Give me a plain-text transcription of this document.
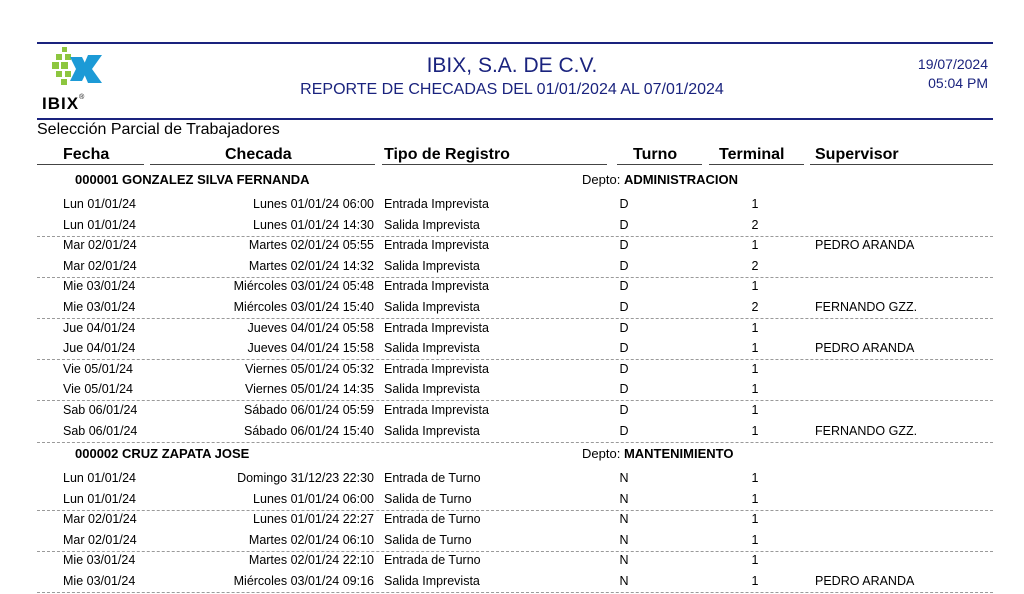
IBIX®
IBIX, S.A. DE C.V.
REPORTE DE CHECADAS DEL 01/01/2024 AL 07/01/2024
19/07/2024
05:04 PM
Selección Parcial de Trabajadores
Fecha	Checada	Tipo de Registro	Turno	Terminal Supervisor
000001 GONZALEZ SILVA FERNANDA	Depto: ADMINISTRACION
Lun 01/01/24	Lunes 01/01/24 06:00 Entrada Imprevista	D	1
Lun 01/01/24	Lunes 01/01/24 14:30 Salida Imprevista	D	2
Mar 02/01/24	Martes 02/01/24 05:55 Entrada Imprevista	D	1	PEDRO ARANDA
Mar 02/01/24	Martes 02/01/24 14:32 Salida Imprevista	D	2
Mie 03/01/24	Miércoles 03/01/24 05:48 Entrada Imprevista	D	1
Mie 03/01/24	Miércoles 03/01/24 15:40 Salida Imprevista	D	2	FERNANDO GZZ.
Jue 04/01/24	Jueves 04/01/24 05:58 Entrada Imprevista	D	1
Jue 04/01/24	Jueves 04/01/24 15:58 Salida Imprevista	D	1	PEDRO ARANDA
Vie 05/01/24	Viernes 05/01/24 05:32 Entrada Imprevista	D	1
Vie 05/01/24	Viernes 05/01/24 14:35 Salida Imprevista	D	1
Sab 06/01/24	Sábado 06/01/24 05:59 Entrada Imprevista	D	1
Sab 06/01/24	Sábado 06/01/24 15:40 Salida Imprevista	D	1	FERNANDO GZZ.
000002 CRUZ ZAPATA JOSE	Depto: MANTENIMIENTO
Lun 01/01/24	Domingo 31/12/23 22:30 Entrada de Turno	N	1
Lun 01/01/24	Lunes 01/01/24 06:00 Salida de Turno	N	1
Mar 02/01/24	Lunes 01/01/24 22:27 Entrada de Turno	N	1
Mar 02/01/24	Martes 02/01/24 06:10 Salida de Turno	N	1
Mie 03/01/24	Martes 02/01/24 22:10 Entrada de Turno	N	1
Mie 03/01/24	Miércoles 03/01/24 09:16 Salida Imprevista	N	1	PEDRO ARANDA
